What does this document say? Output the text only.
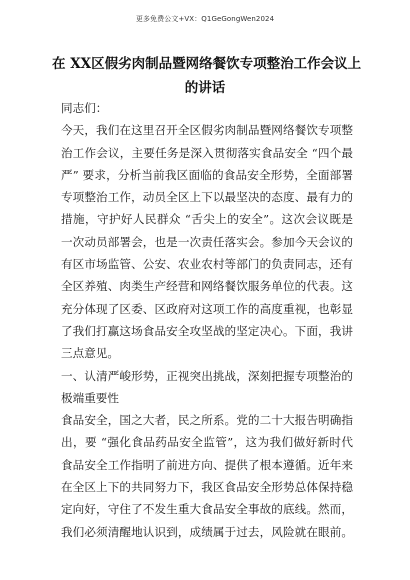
更多免费公文+VX：Q1GeGongWen2024
在 XX区假劣肉制品暨网络餐饮专项整治工作会议上
的讲话
同志们：
今天，我们在这里召开全区假劣肉制品暨网络餐饮专项整
治工作会议，主要任务是深入贯彻落实食品安全 “四个最
严” 要求，分析当前我区面临的食品安全形势，全面部署
专项整治工作，动员全区上下以最坚决的态度、最有力的
措施，守护好人民群众 “舌尖上的安全”。这次会议既是
一次动员部署会，也是一次责任落实会。参加今天会议的
有区市场监管、公安、农业农村等部门的负责同志，还有
全区养殖、肉类生产经营和网络餐饮服务单位的代表。这
充分体现了区委、区政府对这项工作的高度重视，也彰显
了我们打赢这场食品安全攻坚战的坚定决心。下面，我讲
三点意见。
一、认清严峻形势，正视突出挑战，深刻把握专项整治的
极端重要性
食品安全，国之大者，民之所系。党的二十大报告明确指
出，要 “强化食品药品安全监管”，这为我们做好新时代
食品安全工作指明了前进方向、提供了根本遵循。近年来
在全区上下的共同努力下，我区食品安全形势总体保持稳
定向好，守住了不发生重大食品安全事故的底线。然而，
我们必须清醒地认识到，成绩属于过去，风险就在眼前。
